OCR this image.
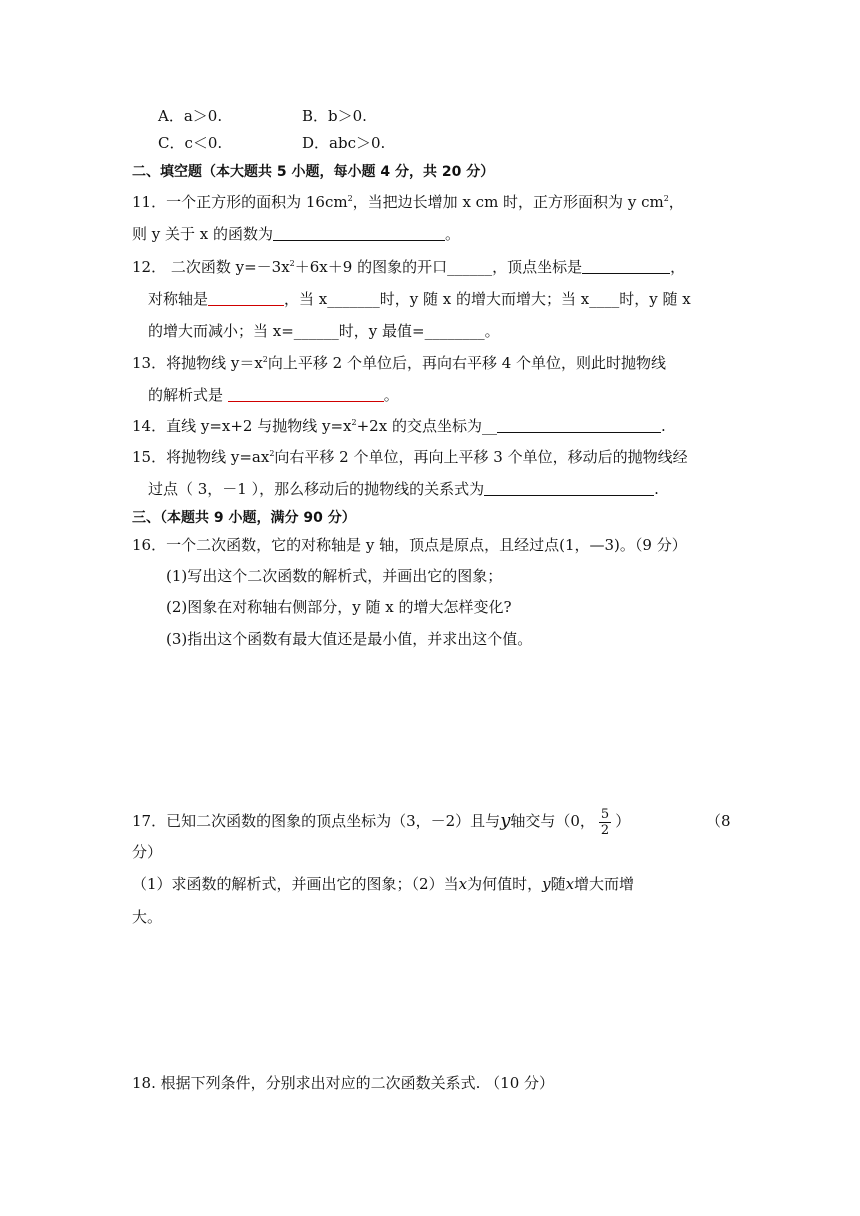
A．a＞0.	B．b＞0.
C．c＜0.	D．abc＞0.
二、填空题（本大题共 5 小题，每小题 4 分，共 20 分）
11．一个正方形的面积为 $16cm^2$，当把边长增加 x cm 时，正方形面积为 y $cm^2$，
则 y 关于 x 的函数为	。
12． 二次函数 $y=-3x^2+6x+9$ 的图象的开口______，顶点坐标是	，
对称轴是	，当 x_______时，y 随 x 的增大而增大；当 x____时，y 随 x
的增大而减小；当 x=______时，y 最值=________。
13．将抛物线 $y=x^2$向上平移 2 个单位后，再向右平移 4 个单位，则此时抛物线
的解析式是	。
14．直线 y=x+2 与抛物线 $y=x^2+2x$ 的交点坐标为__	.
15．将抛物线 $y=ax^2$向右平移 2 个单位，再向上平移 3 个单位，移动后的抛物线经
过点（ 3，－1 ），那么移动后的抛物线的关系式为	.
三、（本题共 9 小题，满分 90 分）
16．一个二次函数，它的对称轴是 y 轴，顶点是原点，且经过点(1，—3)。（9 分）
(1)写出这个二次函数的解析式，并画出它的图象；
(2)图象在对称轴右侧部分，y 随 x 的增大怎样变化?
(3)指出这个函数有最大值还是最小值，并求出这个值。
17．已知二次函数的图象的顶点坐标为（3，－2）且与y轴交与（0， $\frac{5}{2}$ ）	（8
分）
（1）求函数的解析式，并画出它的图象；（2）当x为何值时，y随x增大而增
大。
18. 根据下列条件，分别求出对应的二次函数关系式. （10 分）
